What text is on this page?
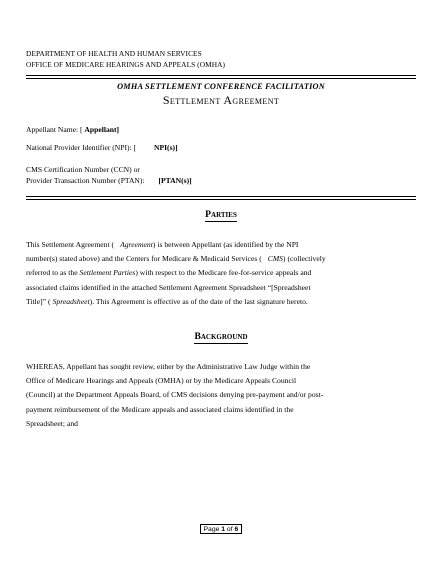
DEPARTMENT OF HEALTH AND HUMAN SERVICES
OFFICE OF MEDICARE HEARINGS AND APPEALS (OMHA)
OMHA SETTLEMENT CONFERENCE FACILITATION
Settlement Agreement
Appellant Name: [ Appellant]
National Provider Identifier (NPI): [ NPI(s)]
CMS Certification Number (CCN) or
Provider Transaction Number (PTAN): [PTAN(s)]
Parties
This Settlement Agreement ( Agreement) is between Appellant (as identified by the NPI
number(s) stated above) and the Centers for Medicare & Medicaid Services ( CMS) (collectively
referred to as the Settlement Parties) with respect to the Medicare fee-for-service appeals and
associated claims identified in the attached Settlement Agreement Spreadsheet “[Spreadsheet
Title]” ( Spreadsheet). This Agreement is effective as of the date of the last signature hereto.
Background
WHEREAS, Appellant has sought review, either by the Administrative Law Judge within the
Office of Medicare Hearings and Appeals (OMHA) or by the Medicare Appeals Council
(Council) at the Department Appeals Board, of CMS decisions denying pre-payment and/or post-
payment reimbursement of the Medicare appeals and associated claims identified in the
Spreadsheet; and
Page 1 of 6
